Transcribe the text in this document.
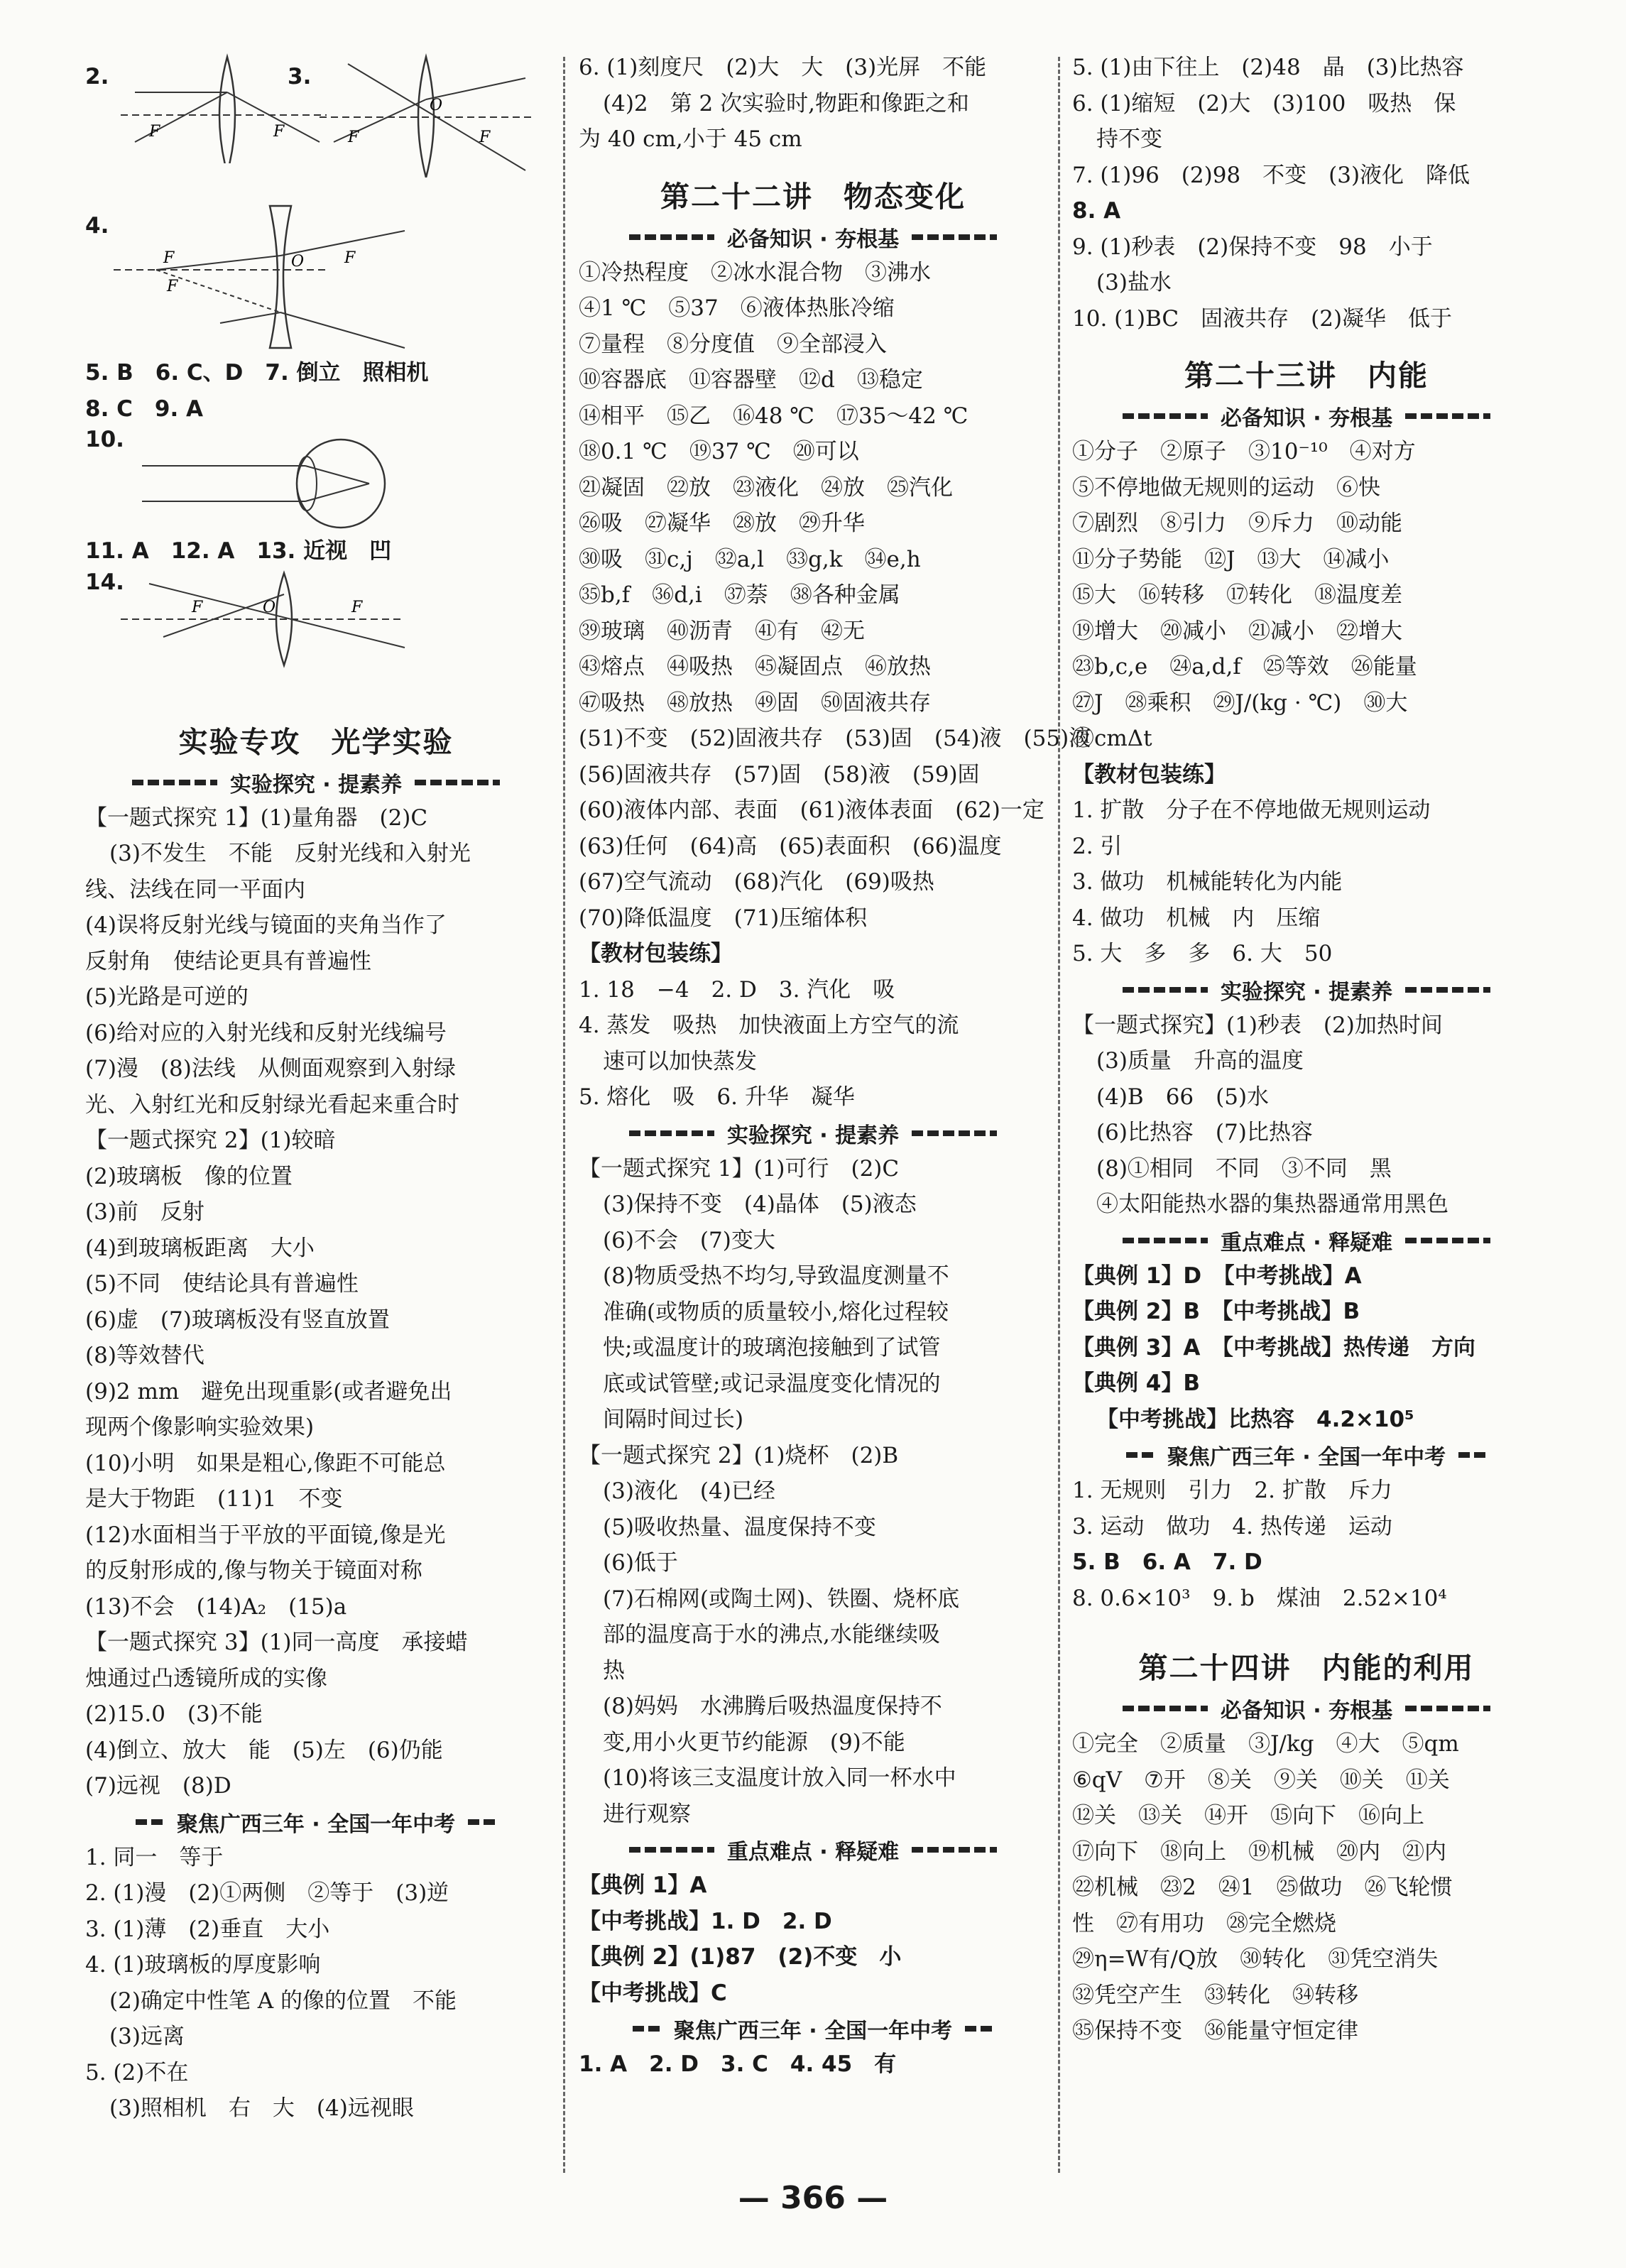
2.
F	F
3.
F
O
F
4.
F	O	F
F
5. B　6. C、D　7. 倒立　照相机
8. C　9. A
10.
11. A　12. A　13. 近视　凹
14.
F	O	F
实验专攻　光学实验
实验探究 · 提素养
【一题式探究 1】(1)量角器　(2)C
(3)不发生　不能　反射光线和入射光
线、法线在同一平面内
(4)误将反射光线与镜面的夹角当作了
反射角　使结论更具有普遍性
(5)光路是可逆的
(6)给对应的入射光线和反射光线编号
(7)漫　(8)法线　从侧面观察到入射绿
光、入射红光和反射绿光看起来重合时
【一题式探究 2】(1)较暗
(2)玻璃板　像的位置
(3)前　反射
(4)到玻璃板距离　大小
(5)不同　使结论具有普遍性
(6)虚　(7)玻璃板没有竖直放置
(8)等效替代
(9)2 mm　避免出现重影(或者避免出
现两个像影响实验效果)
(10)小明　如果是粗心,像距不可能总
是大于物距　(11)1　不变
(12)水面相当于平放的平面镜,像是光
的反射形成的,像与物关于镜面对称
(13)不会　(14)A₂　(15)a
【一题式探究 3】(1)同一高度　承接蜡
烛通过凸透镜所成的实像
(2)15.0　(3)不能
(4)倒立、放大　能　(5)左　(6)仍能
(7)远视　(8)D
聚焦广西三年 · 全国一年中考
1. 同一　等于
2. (1)漫　(2)①两侧　②等于　(3)逆
3. (1)薄　(2)垂直　大小
4. (1)玻璃板的厚度影响
(2)确定中性笔 A 的像的位置　不能
(3)远离
5. (2)不在
(3)照相机　右　大　(4)远视眼
6. (1)刻度尺　(2)大　大　(3)光屏　不能
(4)2　第 2 次实验时,物距和像距之和
为 40 cm,小于 45 cm
第二十二讲　物态变化
必备知识 · 夯根基
①冷热程度　②冰水混合物　③沸水
④1 ℃　⑤37　⑥液体热胀冷缩
⑦量程　⑧分度值　⑨全部浸入
⑩容器底　⑪容器壁　⑫d　⑬稳定
⑭相平　⑮乙　⑯48 ℃　⑰35～42 ℃
⑱0.1 ℃　⑲37 ℃　⑳可以
㉑凝固　㉒放　㉓液化　㉔放　㉕汽化
㉖吸　㉗凝华　㉘放　㉙升华
㉚吸　㉛c,j　㉜a,l　㉝g,k　㉞e,h
㉟b,f　㊱d,i　㊲萘　㊳各种金属
㊴玻璃　㊵沥青　㊶有　㊷无
㊸熔点　㊹吸热　㊺凝固点　㊻放热
㊼吸热　㊽放热　㊾固　㊿固液共存
(51)不变　(52)固液共存　(53)固　(54)液　(55)液
(56)固液共存　(57)固　(58)液　(59)固
(60)液体内部、表面　(61)液体表面　(62)一定
(63)任何　(64)高　(65)表面积　(66)温度
(67)空气流动　(68)汽化　(69)吸热
(70)降低温度　(71)压缩体积
【教材包装练】
1. 18　−4　2. D　3. 汽化　吸
4. 蒸发　吸热　加快液面上方空气的流
速可以加快蒸发
5. 熔化　吸　6. 升华　凝华
实验探究 · 提素养
【一题式探究 1】(1)可行　(2)C
(3)保持不变　(4)晶体　(5)液态
(6)不会　(7)变大
(8)物质受热不均匀,导致温度测量不
准确(或物质的质量较小,熔化过程较
快;或温度计的玻璃泡接触到了试管
底或试管壁;或记录温度变化情况的
间隔时间过长)
【一题式探究 2】(1)烧杯　(2)B
(3)液化　(4)已经
(5)吸收热量、温度保持不变
(6)低于
(7)石棉网(或陶土网)、铁圈、烧杯底
部的温度高于水的沸点,水能继续吸
热
(8)妈妈　水沸腾后吸热温度保持不
变,用小火更节约能源　(9)不能
(10)将该三支温度计放入同一杯水中
进行观察
重点难点 · 释疑难
【典例 1】A
【中考挑战】1. D　2. D
【典例 2】(1)87　(2)不变　小
【中考挑战】C
聚焦广西三年 · 全国一年中考
1. A　2. D　3. C　4. 45　有
5. (1)由下往上　(2)48　晶　(3)比热容
6. (1)缩短　(2)大　(3)100　吸热　保
持不变
7. (1)96　(2)98　不变　(3)液化　降低
8. A
9. (1)秒表　(2)保持不变　98　小于
(3)盐水
10. (1)BC　固液共存　(2)凝华　低于
第二十三讲　内能
必备知识 · 夯根基
①分子　②原子　③10⁻¹⁰　④对方
⑤不停地做无规则的运动　⑥快
⑦剧烈　⑧引力　⑨斥力　⑩动能
⑪分子势能　⑫J　⑬大　⑭减小
⑮大　⑯转移　⑰转化　⑱温度差
⑲增大　⑳减小　㉑减小　㉒增大
㉓b,c,e　㉔a,d,f　㉕等效　㉖能量
㉗J　㉘乘积　㉙J/(kg · ℃)　㉚大
㉛cmΔt
【教材包装练】
1. 扩散　分子在不停地做无规则运动
2. 引
3. 做功　机械能转化为内能
4. 做功　机械　内　压缩
5. 大　多　多　6. 大　50
实验探究 · 提素养
【一题式探究】(1)秒表　(2)加热时间
(3)质量　升高的温度
(4)B　66　(5)水
(6)比热容　(7)比热容
(8)①相同　不同　③不同　黑
④太阳能热水器的集热器通常用黑色
重点难点 · 释疑难
【典例 1】D　【中考挑战】A
【典例 2】B　【中考挑战】B
【典例 3】A　【中考挑战】热传递　方向
【典例 4】B
【中考挑战】比热容　4.2×10⁵
聚焦广西三年 · 全国一年中考
1. 无规则　引力　2. 扩散　斥力
3. 运动　做功　4. 热传递　运动
5. B　6. A　7. D
8. 0.6×10³　9. b　煤油　2.52×10⁴
第二十四讲　内能的利用
必备知识 · 夯根基
①完全　②质量　③J/kg　④大　⑤qm
⑥qV　⑦开　⑧关　⑨关　⑩关　⑪关
⑫关　⑬关　⑭开　⑮向下　⑯向上
⑰向下　⑱向上　⑲机械　⑳内　㉑内
㉒机械　㉓2　㉔1　㉕做功　㉖飞轮惯
性　㉗有用功　㉘完全燃烧
㉙η=W有/Q放　㉚转化　㉛凭空消失
㉜凭空产生　㉝转化　㉞转移
㉟保持不变　㊱能量守恒定律
— 366 —
